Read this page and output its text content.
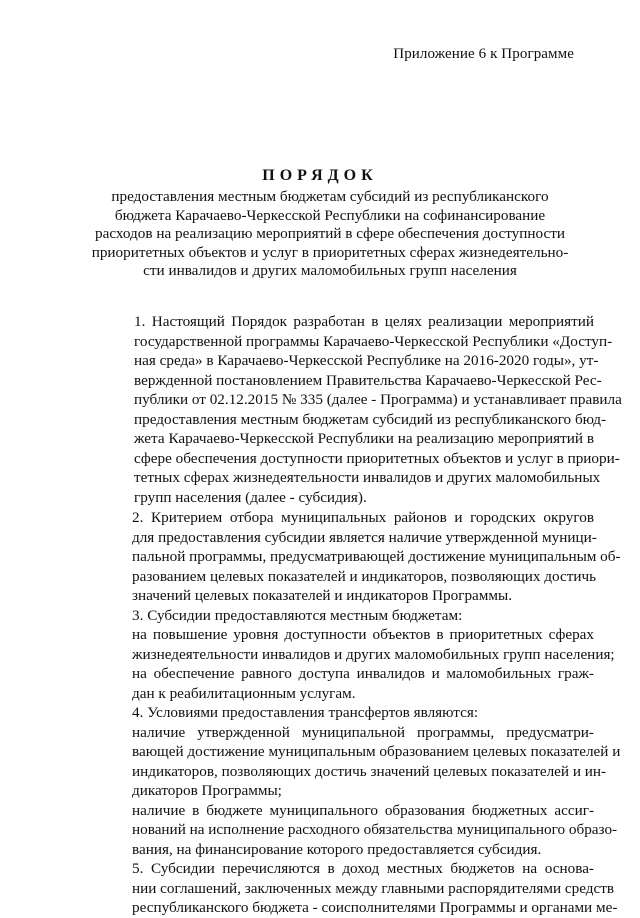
Приложение 6 к Программе
ПОРЯДОК
предоставления местным бюджетам субсидий из республиканского
бюджета Карачаево-Черкесской Республики на софинансирование
расходов на реализацию мероприятий в сфере обеспечения доступности
приоритетных объектов и услуг в приоритетных сферах жизнедеятельно-
сти инвалидов и других маломобильных групп населения

1. Настоящий Порядок разработан в целях реализации мероприятий
государственной программы Карачаево-Черкесской Республики «Доступ-
ная среда» в Карачаево-Черкесской Республике на 2016-2020 годы», ут-
вержденной постановлением Правительства Карачаево-Черкесской Рес-
публики от 02.12.2015 № 335 (далее - Программа) и устанавливает правила
предоставления местным бюджетам субсидий из республиканского бюд-
жета Карачаево-Черкесской Республики на реализацию мероприятий в
сфере обеспечения доступности приоритетных объектов и услуг в приори-
тетных сферах жизнедеятельности инвалидов и других маломобильных
групп населения (далее - субсидия).

2. Критерием отбора муниципальных районов и городских округов
для предоставления субсидии является наличие утвержденной муници-
пальной программы, предусматривающей достижение муниципальным об-
разованием целевых показателей и индикаторов, позволяющих достичь
значений целевых показателей и индикаторов Программы.

3. Субсидии предоставляются местным бюджетам:

на повышение уровня доступности объектов в приоритетных сферах
жизнедеятельности инвалидов и других маломобильных групп населения;

на обеспечение равного доступа инвалидов и маломобильных граж-
дан к реабилитационным услугам.

4. Условиями предоставления трансфертов являются:

наличие утвержденной муниципальной программы, предусматри-
вающей достижение муниципальным образованием целевых показателей и
индикаторов, позволяющих достичь значений целевых показателей и ин-
дикаторов Программы;

наличие в бюджете муниципального образования бюджетных ассиг-
нований на исполнение расходного обязательства муниципального образо-
вания, на финансирование которого предоставляется субсидия.

5. Субсидии перечисляются в доход местных бюджетов на основа-
нии соглашений, заключенных между главными распорядителями средств
республиканского бюджета - соисполнителями Программы и органами ме-
